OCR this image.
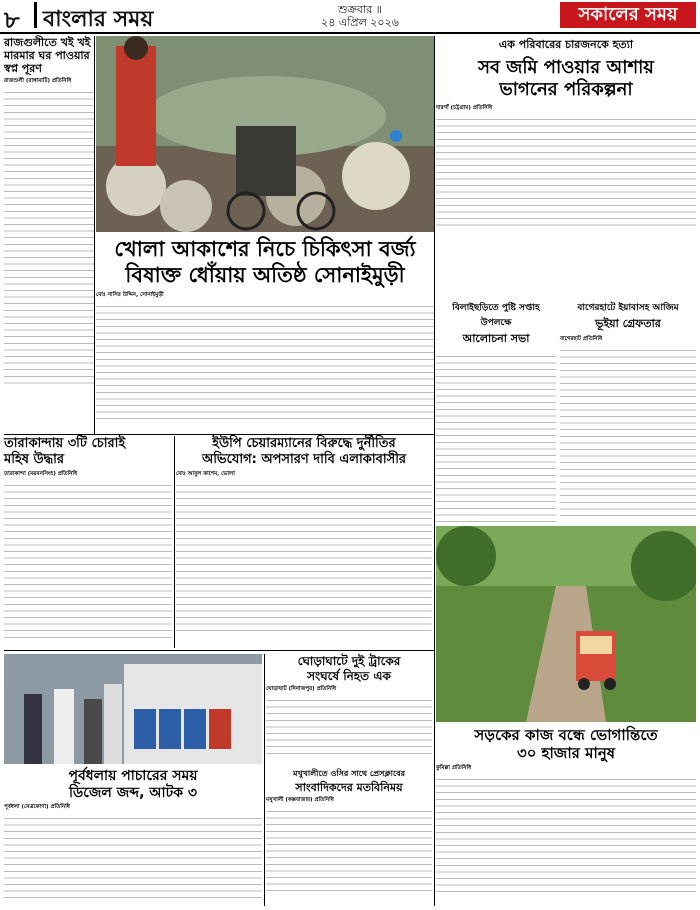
৮	বাংলার সময়	শুক্রবার ॥
২৪ এপ্রিল ২০২৬	সকালের সময়
রাজগুলীতে খই খই মারমার ঘর পাওয়ার স্বপ্ন পূরণ
রাজশুলী (রাঙ্গামাটি) প্রতিনিধি
এক পরিবারের চারজনকে হত্যা
সব জমি পাওয়ার আশায়
ভাগনের পরিকল্পনা
দারগাঁ (চট্টগ্রাম) প্রতিনিধি
খোলা আকাশের নিচে চিকিৎসা বর্জ্য
বিষাক্ত ধোঁয়ায় অতিষ্ঠ সোনাইমুড়ী
মোঃ নাসির উদ্দিন, সোনাইমুড়ী
বিলাইছড়িতে পুষ্টি সপ্তাহ উপলক্ষে
আলোচনা সভা
বাগেরহাটে ইয়াবাসহ আজিম
ভূইয়া গ্রেফতার
বাগেরহাট প্রতিনিধি
তারাকান্দায় ৩টি চোরাই
মহিষ উদ্ধার
তারাকান্দা (ময়মনসিংহ) প্রতিনিধি
ইউপি চেয়ারম্যানের বিরুদ্ধে দুর্নীতির
অভিযোগ: অপসারণ দাবি এলাকাবাসীর
মোঃ আবুল কাশেম, ভোলা
ঘোড়াঘাটে দুই ট্রাকের
সংঘর্ষে নিহত এক
ঘোড়াঘাট (দিনাজপুর) প্রতিনিধি
সড়কের কাজ বন্ধে ভোগান্তিতে
৩০ হাজার মানুষ
কুমিল্লা প্রতিনিধি
পূর্বধলায় পাচারের সময়
ডিজেল জব্দ, আটক ৩
পূর্বধলা (নেত্রকোণা) প্রতিনিধি
মখুখালীতে ওসির সাথে প্রেসক্লাবের
সাংবাদিকদের মতবিনিময়
মখুখালী (কক্সবাজার) প্রতিনিধি
